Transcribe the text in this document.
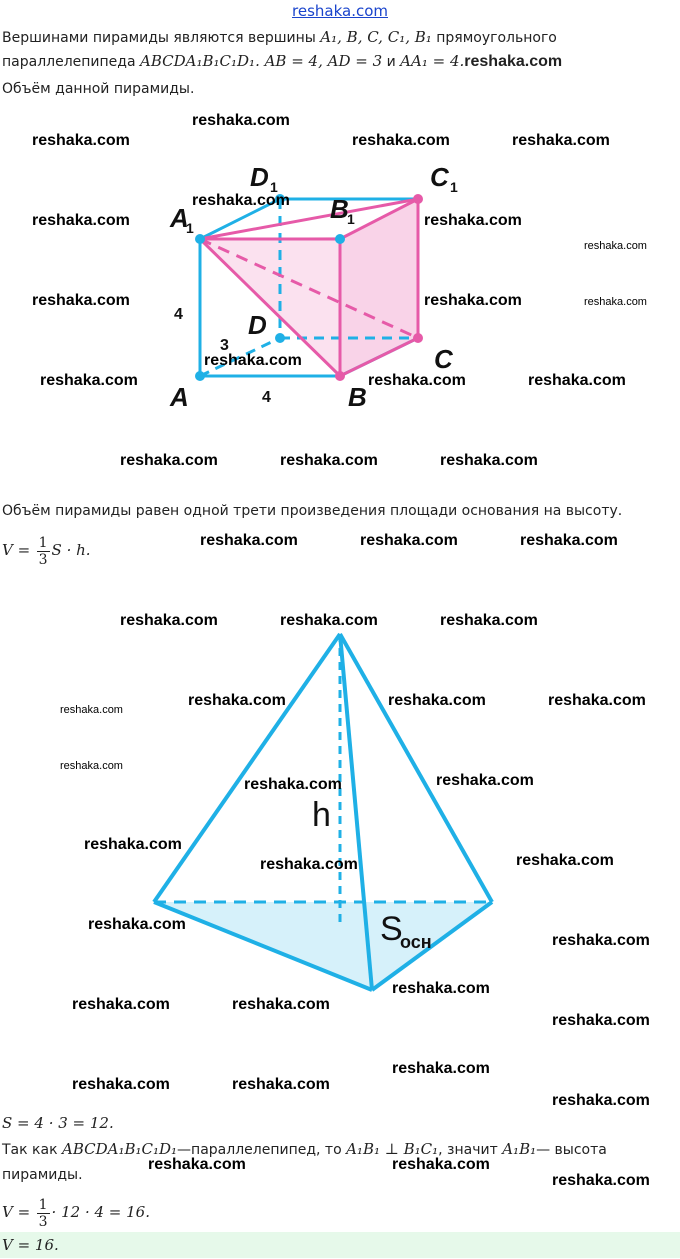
reshaka.com
Вершинами пирамиды являются вершины A₁, B, C, C₁, B₁ прямоугольного
параллелепипеда ABCDA₁B₁C₁D₁. AB = 4, AD = 3 и AA₁ = 4.reshaka.com
Объём данной пирамиды.
A
1
D 1
B
1
C 1
D
C
A	B
4
3
4
Объём пирамиды равен одной трети произведения площади основания на высоту.
$V = \frac{1}{3}$ S · h.
h
S
осн
S = 4 · 3 = 12.
Так как ABCDA₁B₁C₁D₁—параллелепипед, то A₁B₁ ⊥ B₁C₁, значит A₁B₁— высота
пирамиды.
$V = \frac{1}{3} \cdot 12 \cdot 4 = 16$.
V = 16.
reshaka.com
reshaka.com	reshaka.com	reshaka.com
reshaka.com
reshaka.com	reshaka.com
reshaka.com
reshaka.com	reshaka.com	reshaka.com
reshaka.com
reshaka.com	reshaka.com	reshaka.com
reshaka.com	reshaka.com	reshaka.com
reshaka.com	reshaka.com	reshaka.com
reshaka.com	reshaka.com	reshaka.com
reshaka.com	reshaka.com	reshaka.com
reshaka.com
reshaka.com
reshaka.com	reshaka.com
reshaka.com
reshaka.com
reshaka.com
reshaka.com
reshaka.com
reshaka.com
reshaka.com	reshaka.com
reshaka.com
reshaka.com
reshaka.com	reshaka.com
reshaka.com
reshaka.com	reshaka.com
reshaka.com
